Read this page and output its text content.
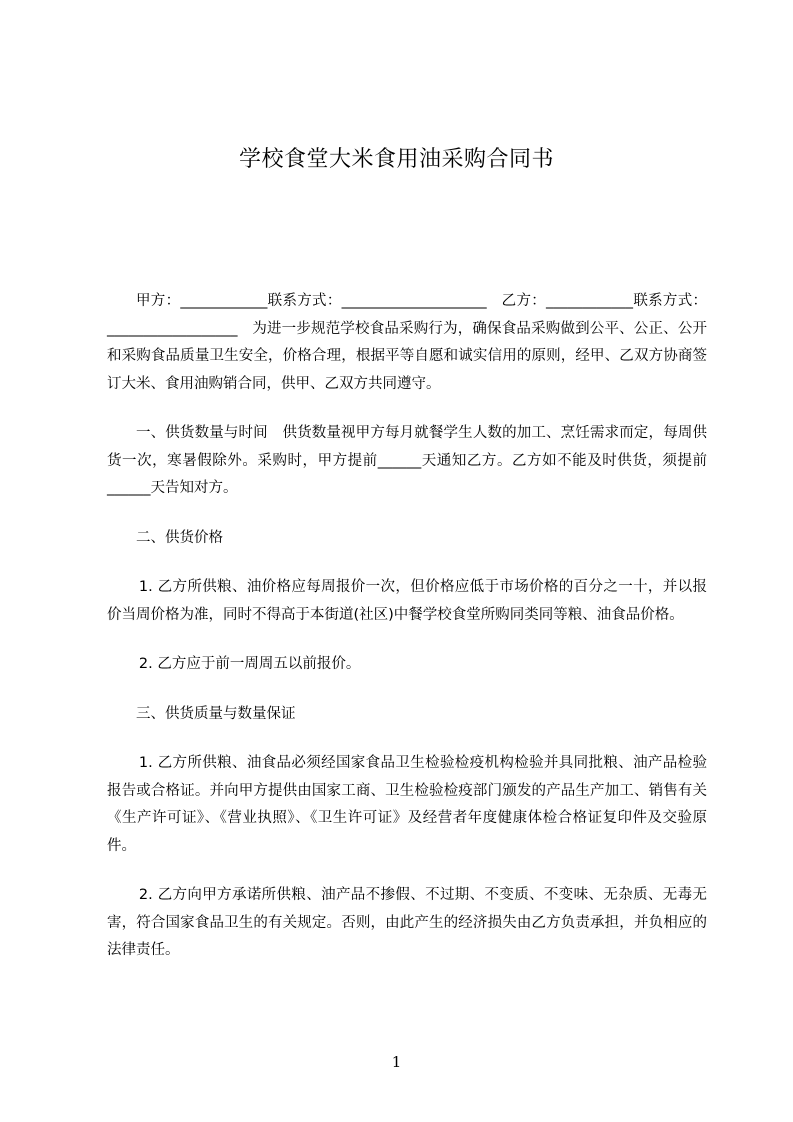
学校食堂大米食用油采购合同书

甲方：____________联系方式：____________________　乙方：____________联系方式：__________________　为进一步规范学校食品采购行为，确保食品采购做到公平、公正、公开和采购食品质量卫生安全，价格合理，根据平等自愿和诚实信用的原则，经甲、乙双方协商签订大米、食用油购销合同，供甲、乙双方共同遵守。

一、供货数量与时间　供货数量视甲方每月就餐学生人数的加工、烹饪需求而定，每周供货一次，寒暑假除外。采购时，甲方提前______天通知乙方。乙方如不能及时供货，须提前______天告知对方。

二、供货价格

1. 乙方所供粮、油价格应每周报价一次，但价格应低于市场价格的百分之一十，并以报价当周价格为准，同时不得高于本街道(社区)中餐学校食堂所购同类同等粮、油食品价格。

2. 乙方应于前一周周五以前报价。

三、供货质量与数量保证

1. 乙方所供粮、油食品必须经国家食品卫生检验检疫机构检验并具同批粮、油产品检验报告或合格证。并向甲方提供由国家工商、卫生检验检疫部门颁发的产品生产加工、销售有关《生产许可证》、《营业执照》、《卫生许可证》及经营者年度健康体检合格证复印件及交验原件。

2. 乙方向甲方承诺所供粮、油产品不掺假、不过期、不变质、不变味、无杂质、无毒无害，符合国家食品卫生的有关规定。否则，由此产生的经济损失由乙方负责承担，并负相应的法律责任。

1
